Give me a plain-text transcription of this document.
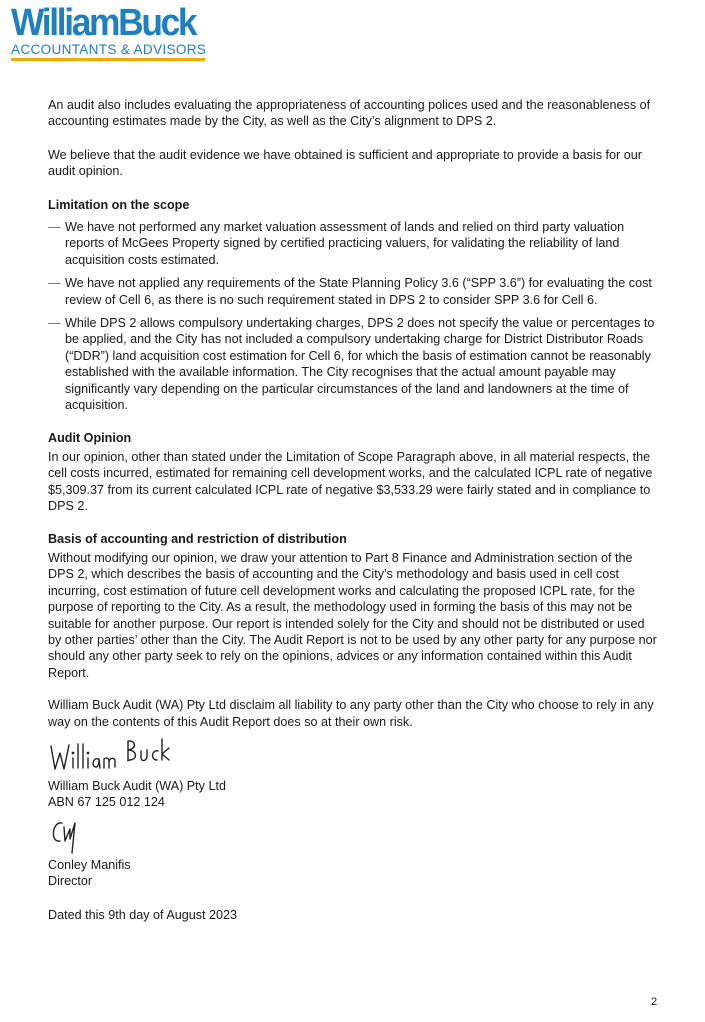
WilliamBuck
ACCOUNTANTS & ADVISORS

An audit also includes evaluating the appropriateness of accounting polices used and the reasonableness of accounting estimates made by the City, as well as the City’s alignment to DPS 2.

We believe that the audit evidence we have obtained is sufficient and appropriate to provide a basis for our audit opinion.

Limitation on the scope
— We have not performed any market valuation assessment of lands and relied on third party valuation reports of McGees Property signed by certified practicing valuers, for validating the reliability of land acquisition costs estimated.
— We have not applied any requirements of the State Planning Policy 3.6 (“SPP 3.6”) for evaluating the cost review of Cell 6, as there is no such requirement stated in DPS 2 to consider SPP 3.6 for Cell 6.
— While DPS 2 allows compulsory undertaking charges, DPS 2 does not specify the value or percentages to be applied, and the City has not included a compulsory undertaking charge for District Distributor Roads (“DDR”) land acquisition cost estimation for Cell 6, for which the basis of estimation cannot be reasonably established with the available information. The City recognises that the actual amount payable may significantly vary depending on the particular circumstances of the land and landowners at the time of acquisition.
Audit Opinion

In our opinion, other than stated under the Limitation of Scope Paragraph above, in all material respects, the cell costs incurred, estimated for remaining cell development works, and the calculated ICPL rate of negative $5,309.37 from its current calculated ICPL rate of negative $3,533.29 were fairly stated and in compliance to DPS 2.

Basis of accounting and restriction of distribution

Without modifying our opinion, we draw your attention to Part 8 Finance and Administration section of the DPS 2, which describes the basis of accounting and the City’s methodology and basis used in cell cost incurring, cost estimation of future cell development works and calculating the proposed ICPL rate, for the purpose of reporting to the City. As a result, the methodology used in forming the basis of this may not be suitable for another purpose. Our report is intended solely for the City and should not be distributed or used by other parties’ other than the City. The Audit Report is not to be used by any other party for any purpose nor should any other party seek to rely on the opinions, advices or any information contained within this Audit Report.

William Buck Audit (WA) Pty Ltd disclaim all liability to any party other than the City who choose to rely in any way on the contents of this Audit Report does so at their own risk.

William Buck Audit (WA) Pty Ltd

ABN 67 125 012 124

Conley Manifis

Director

Dated this 9th day of August 2023

2
